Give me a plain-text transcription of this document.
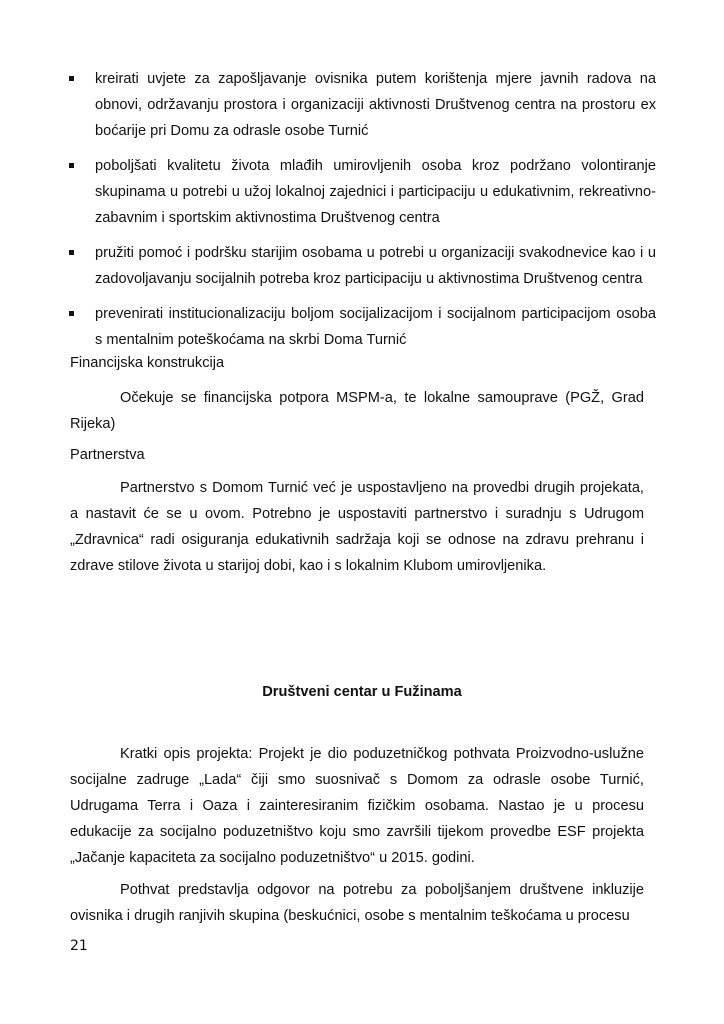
kreirati uvjete za zapošljavanje ovisnika putem korištenja mjere javnih radova na obnovi, održavanju prostora i organizaciji aktivnosti Društvenog centra na prostoru ex boćarije pri Domu za odrasle osobe Turnić
poboljšati kvalitetu života mlađih umirovljenih osoba kroz podržano volontiranje skupinama u potrebi u užoj lokalnoj zajednici i participaciju u edukativnim, rekreativno-zabavnim i sportskim aktivnostima Društvenog centra
pružiti pomoć i podršku starijim osobama u potrebi u organizaciji svakodnevice kao i u zadovoljavanju socijalnih potreba kroz participaciju u aktivnostima Društvenog centra
prevenirati institucionalizaciju boljom socijalizacijom i socijalnom participacijom osoba s mentalnim poteškoćama na skrbi Doma Turnić
Financijska konstrukcija

Očekuje se financijska potpora MSPM-a, te lokalne samouprave (PGŽ, Grad Rijeka)

Partnerstva

Partnerstvo s Domom Turnić već je uspostavljeno na provedbi drugih projekata, a nastavit će se u ovom. Potrebno je uspostaviti partnerstvo i suradnju s Udrugom „Zdravnica“ radi osiguranja edukativnih sadržaja koji se odnose na zdravu prehranu i zdrave stilove života u starijoj dobi, kao i s lokalnim Klubom umirovljenika.

Društveni centar u Fužinama

Kratki opis projekta: Projekt je dio poduzetničkog pothvata Proizvodno-uslužne socijalne zadruge „Lada“ čiji smo suosnivač s Domom za odrasle osobe Turnić, Udrugama Terra i Oaza i zainteresiranim fizičkim osobama. Nastao je u procesu edukacije za socijalno poduzetništvo koju smo završili tijekom provedbe ESF projekta „Jačanje kapaciteta za socijalno poduzetništvo“ u 2015. godini.

Pothvat predstavlja odgovor na potrebu za poboljšanjem društvene inkluzije ovisnika i drugih ranjivih skupina (beskućnici, osobe s mentalnim teškoćama u procesu

21
